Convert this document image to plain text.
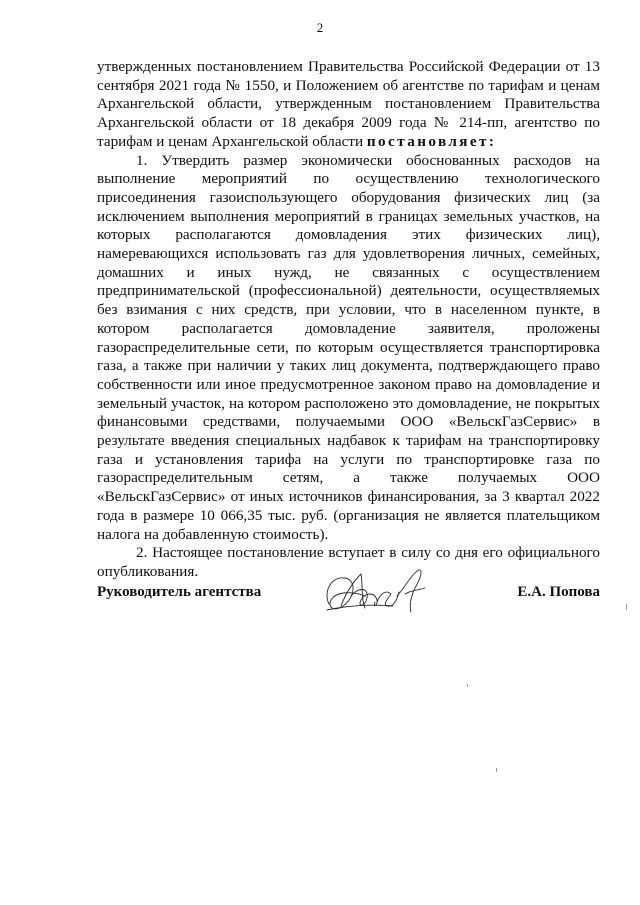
2

утвержденных постановлением Правительства Российской Федерации от 13 сентября 2021 года № 1550, и Положением об агентстве по тарифам и ценам Архангельской области, утвержденным постановлением Правительства Архангельской области от 18 декабря 2009 года № 214-пп, агентство по тарифам и ценам Архангельской области постановляет:

1. Утвердить размер экономически обоснованных расходов на выполнение мероприятий по осуществлению технологического присоединения газоиспользующего оборудования физических лиц (за исключением выполнения мероприятий в границах земельных участков, на которых располагаются домовладения этих физических лиц), намеревающихся использовать газ для удовлетворения личных, семейных, домашних и иных нужд, не связанных с осуществлением предпринимательской (профессиональной) деятельности, осуществляемых без взимания с них средств, при условии, что в населенном пункте, в котором располагается домовладение заявителя, проложены газораспределительные сети, по которым осуществляется транспортировка газа, а также при наличии у таких лиц документа, подтверждающего право собственности или иное предусмотренное законом право на домовладение и земельный участок, на котором расположено это домовладение, не покрытых финансовыми средствами, получаемыми ООО «ВельскГазСервис» в результате введения специальных надбавок к тарифам на транспортировку газа и установления тарифа на услуги по транспортировке газа по газораспределительным сетям, а также получаемых ООО «ВельскГазСервис» от иных источников финансирования, за 3 квартал 2022 года в размере 10 066,35 тыс. руб. (организация не является плательщиком налога на добавленную стоимость).

2. Настоящее постановление вступает в силу со дня его официального опубликования.

Руководитель агентства	Е.А. Попова
